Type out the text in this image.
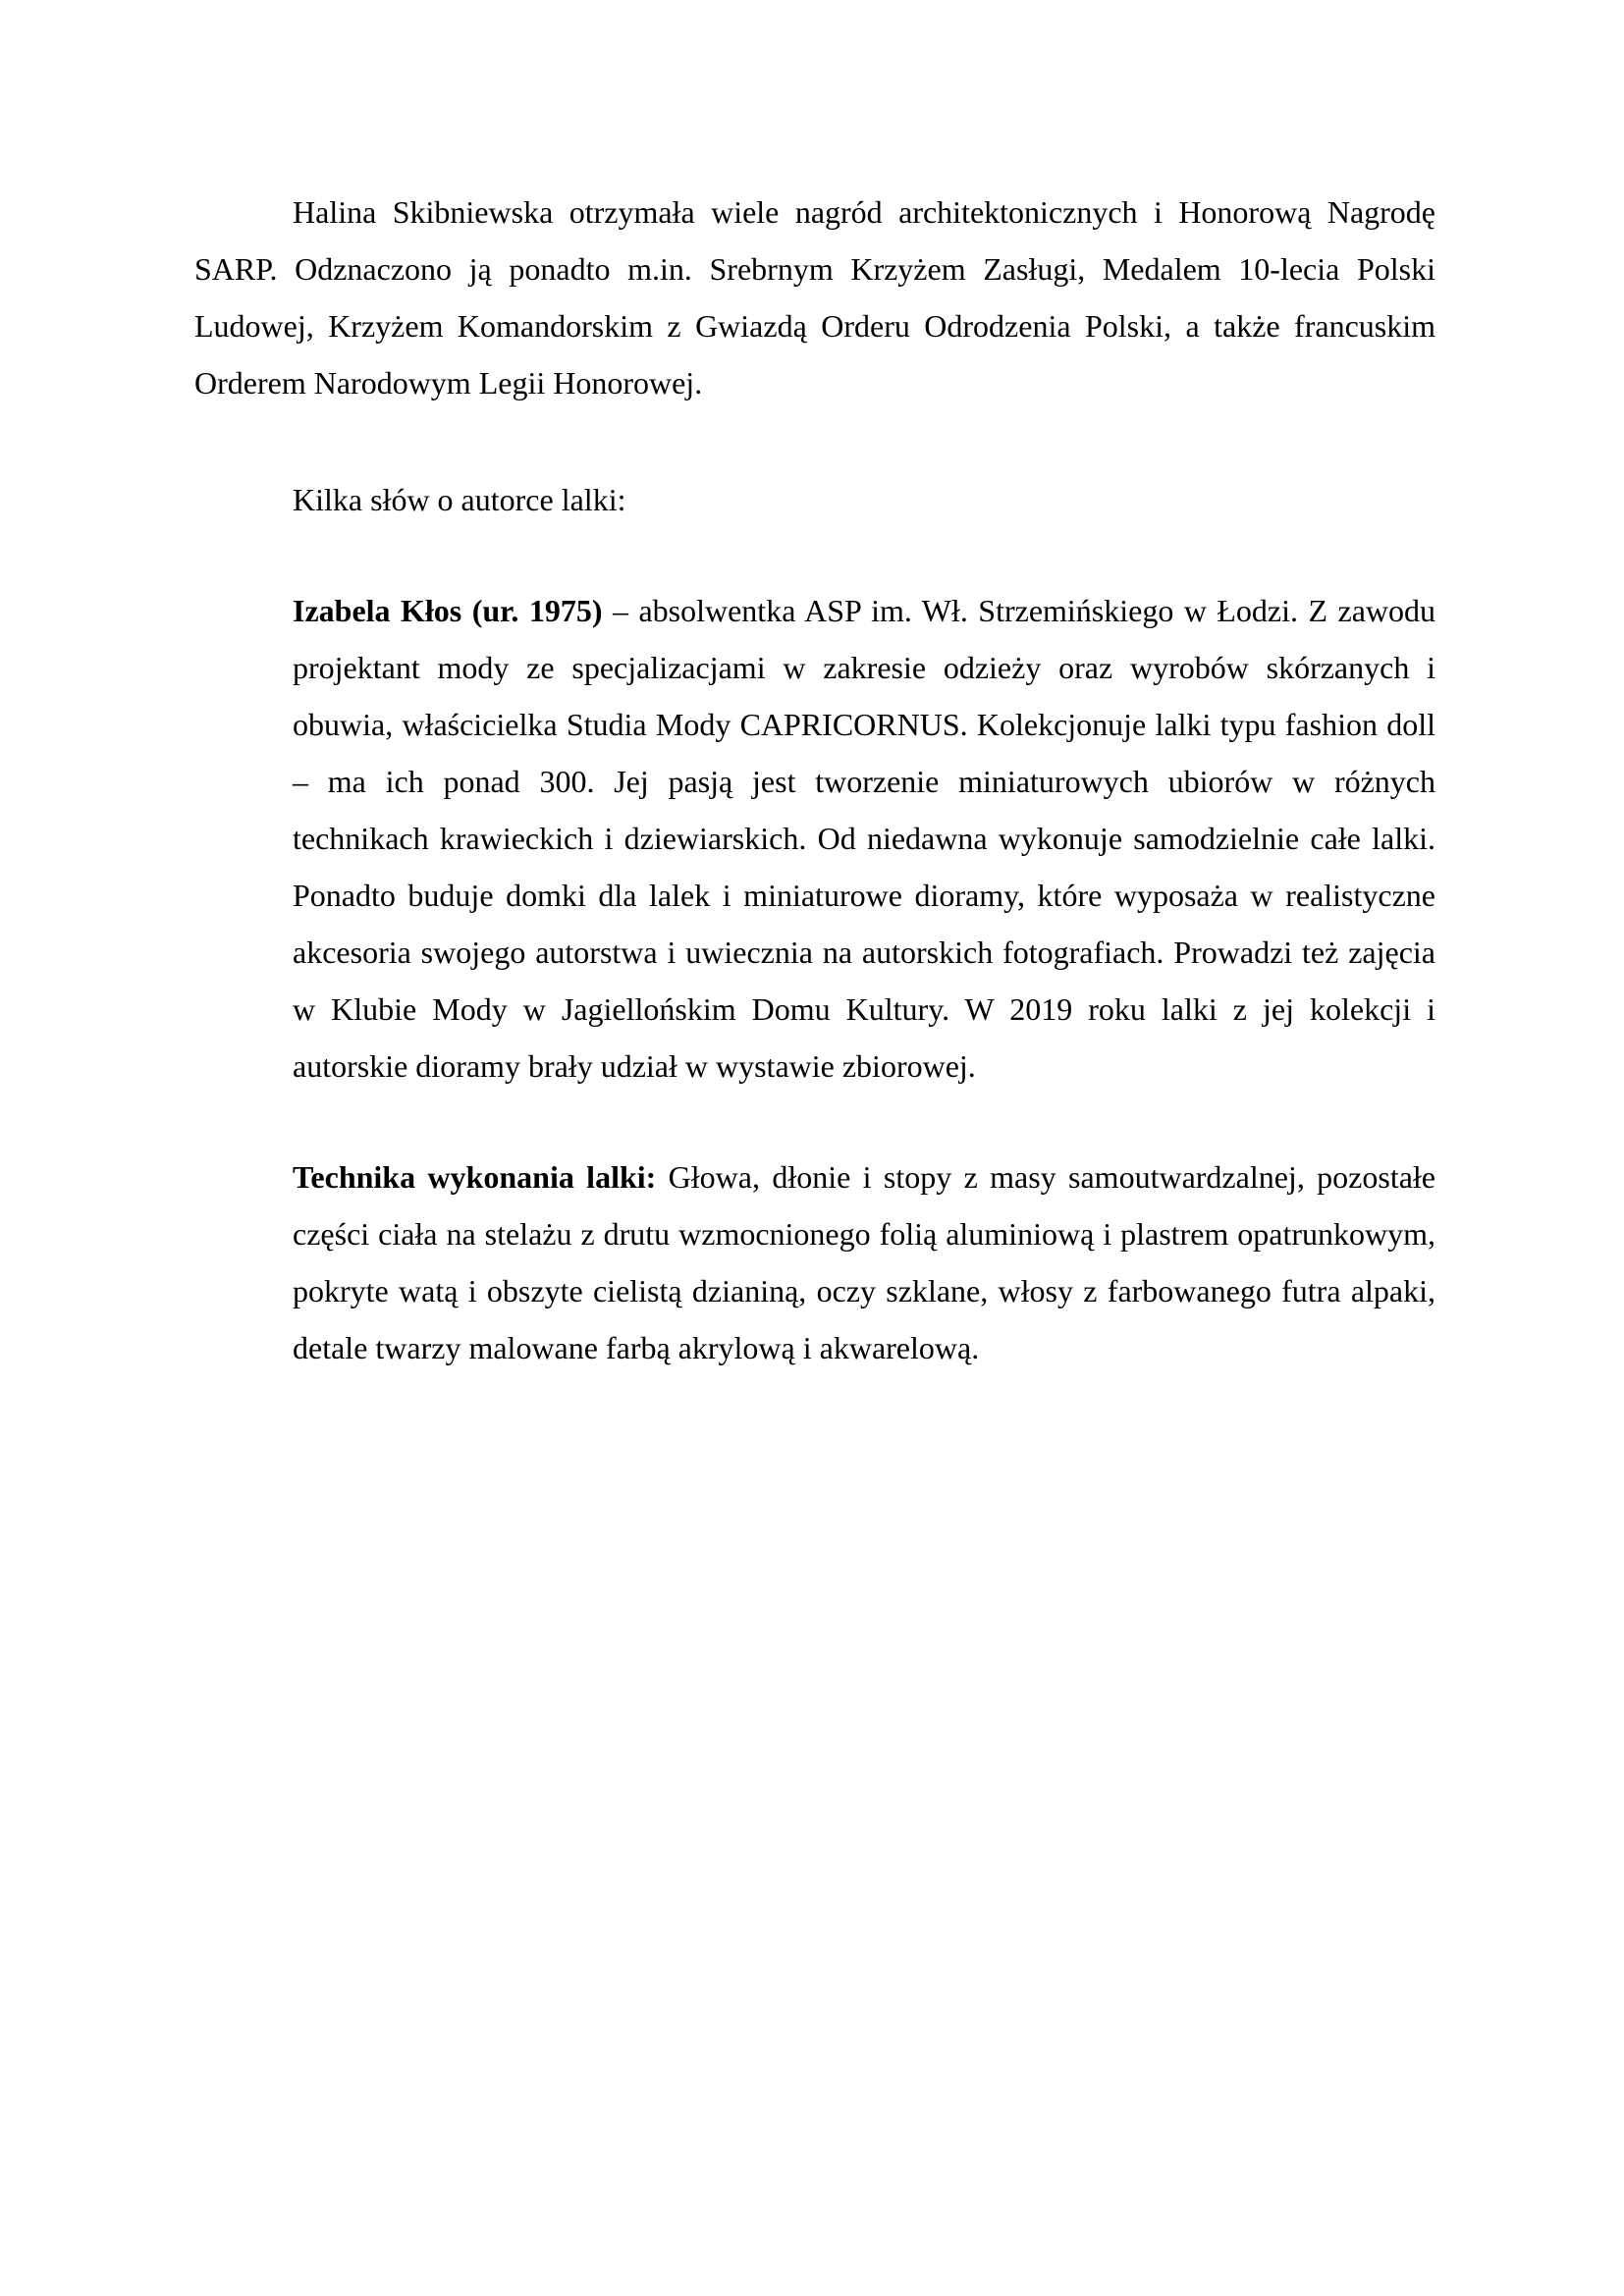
Halina Skibniewska otrzymała wiele nagród architektonicznych i Honorową Nagrodę SARP. Odznaczono ją ponadto m.in. Srebrnym Krzyżem Zasługi, Medalem 10-lecia Polski Ludowej, Krzyżem Komandorskim z Gwiazdą Orderu Odrodzenia Polski, a także francuskim Orderem Narodowym Legii Honorowej.

Kilka słów o autorce lalki:

Izabela Kłos (ur. 1975) – absolwentka ASP im. Wł. Strzemińskiego w Łodzi. Z zawodu projektant mody ze specjalizacjami w zakresie odzieży oraz wyrobów skórzanych i obuwia, właścicielka Studia Mody CAPRICORNUS. Kolekcjonuje lalki typu fashion doll – ma ich ponad 300. Jej pasją jest tworzenie miniaturowych ubiorów w różnych technikach krawieckich i dziewiarskich. Od niedawna wykonuje samodzielnie całe lalki. Ponadto buduje domki dla lalek i miniaturowe dioramy, które wyposaża w realistyczne akcesoria swojego autorstwa i uwiecznia na autorskich fotografiach. Prowadzi też zajęcia w Klubie Mody w Jagiellońskim Domu Kultury. W 2019 roku lalki z jej kolekcji i autorskie dioramy brały udział w wystawie zbiorowej.

Technika wykonania lalki: Głowa, dłonie i stopy z masy samoutwardzalnej, pozostałe części ciała na stelażu z drutu wzmocnionego folią aluminiową i plastrem opatrunkowym, pokryte watą i obszyte cielistą dzianiną, oczy szklane, włosy z farbowanego futra alpaki, detale twarzy malowane farbą akrylową i akwarelową.
